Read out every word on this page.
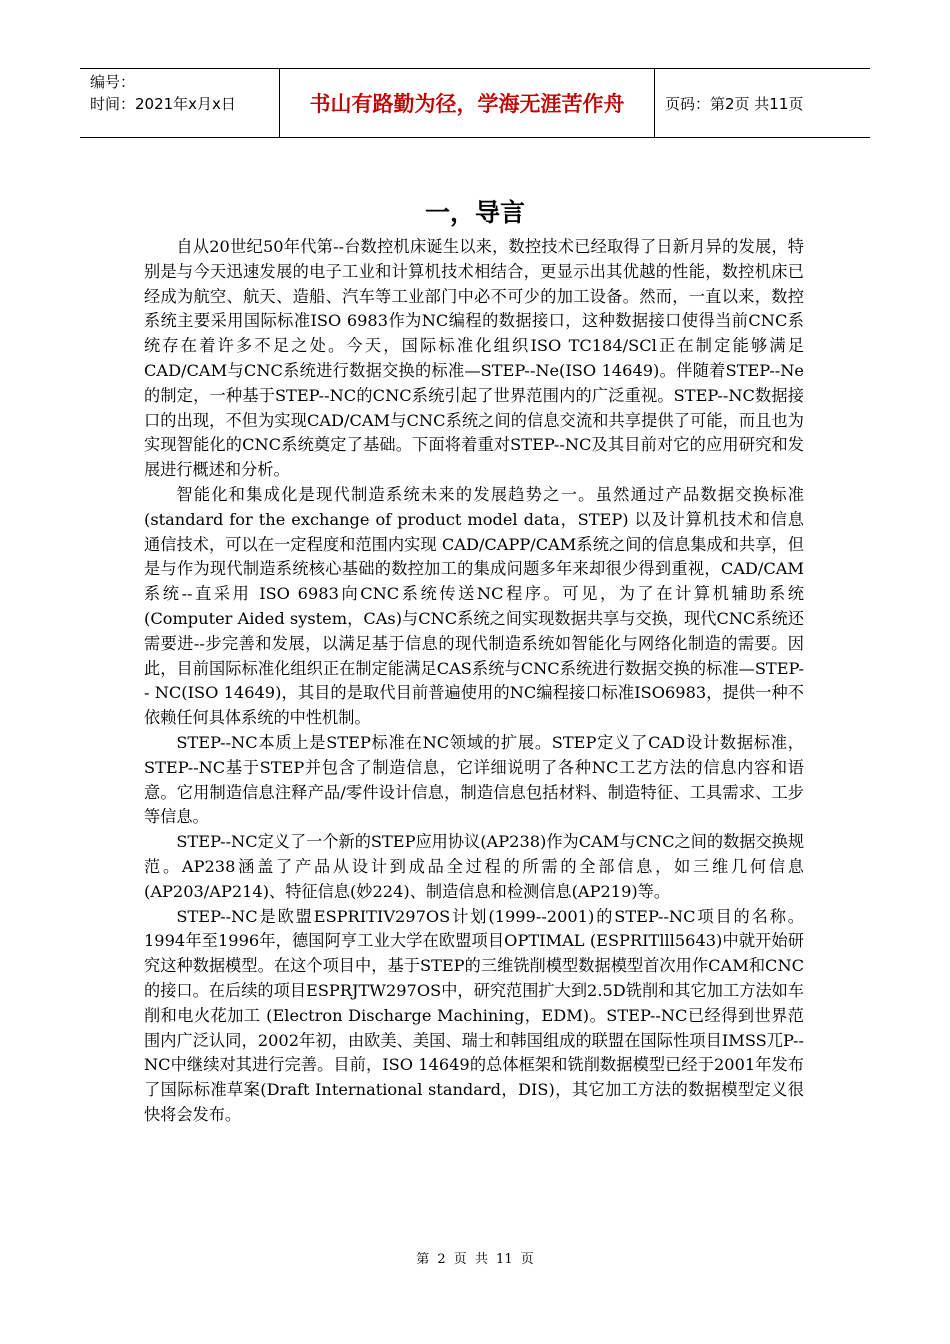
编号：
时间：2021年x月x日	书山有路勤为径，学海无涯苦作舟	页码：第2页 共11页
一，导言

自从20世纪50年代第--台数控机床诞生以来，数控技术已经取得了日新月异的发展，特别是与今天迅速发展的电子工业和计算机技术相结合，更显示出其优越的性能，数控机床已经成为航空、航天、造船、汽车等工业部门中必不可少的加工设备。然而，一直以来，数控系统主要采用国际标准ISO 6983作为NC编程的数据接口，这种数据接口使得当前CNC系统存在着许多不足之处。今天，国际标准化组织ISO TC184/SCl正在制定能够满足CAD/CAM与CNC系统进行数据交换的标准—STEP--Ne(ISO 14649)。伴随着STEP--Ne的制定，一种基于STEP--NC的CNC系统引起了世界范围内的广泛重视。STEP--NC数据接口的出现，不但为实现CAD/CAM与CNC系统之间的信息交流和共享提供了可能，而且也为实现智能化的CNC系统奠定了基础。下面将着重对STEP--NC及其目前对它的应用研究和发展进行概述和分析。

智能化和集成化是现代制造系统未来的发展趋势之一。虽然通过产品数据交换标准 (standard for the exchange of product model data，STEP) 以及计算机技术和信息通信技术，可以在一定程度和范围内实现 CAD/CAPP/CAM系统之间的信息集成和共享，但是与作为现代制造系统核心基础的数控加工的集成问题多年来却很少得到重视，CAD/CAM系统--直采用 ISO 6983向CNC系统传送NC程序。可见，为了在计算机辅助系统 (Computer Aided system，CAs)与CNC系统之间实现数据共享与交换，现代CNC系统还需要进--步完善和发展，以满足基于信息的现代制造系统如智能化与网络化制造的需要。因此，目前国际标准化组织正在制定能满足CAS系统与CNC系统进行数据交换的标准—STEP-- NC(ISO 14649)，其目的是取代目前普遍使用的NC编程接口标准ISO6983，提供一种不依赖任何具体系统的中性机制。

STEP--NC本质上是STEP标准在NC领域的扩展。STEP定义了CAD设计数据标准，STEP--NC基于STEP并包含了制造信息，它详细说明了各种NC工艺方法的信息内容和语意。它用制造信息注释产品/零件设计信息，制造信息包括材料、制造特征、工具需求、工步等信息。

STEP--NC定义了一个新的STEP应用协议(AP238)作为CAM与CNC之间的数据交换规范。AP238涵盖了产品从设计到成品全过程的所需的全部信息，如三维几何信息(AP203/AP214)、特征信息(妙224)、制造信息和检测信息(AP219)等。

STEP--NC是欧盟ESPRITIV297OS计划(1999--2001)的STEP--NC项目的名称。1994年至1996年，德国阿亨工业大学在欧盟项目OPTIMAL (ESPRITlll5643)中就开始研究这种数据模型。在这个项目中，基于STEP的三维铣削模型数据模型首次用作CAM和CNC的接口。在后续的项目ESPRJTW297OS中，研究范围扩大到2.5D铣削和其它加工方法如车削和电火花加工 (Electron Discharge Machining，EDM)。STEP--NC已经得到世界范围内广泛认同，2002年初，由欧美、美国、瑞士和韩国组成的联盟在国际性项目IMSS兀P--NC中继续对其进行完善。目前，ISO 14649的总体框架和铣削数据模型已经于2001年发布了国际标准草案(Draft International standard，DIS)，其它加工方法的数据模型定义很快将会发布。

第 2 页 共 11 页
